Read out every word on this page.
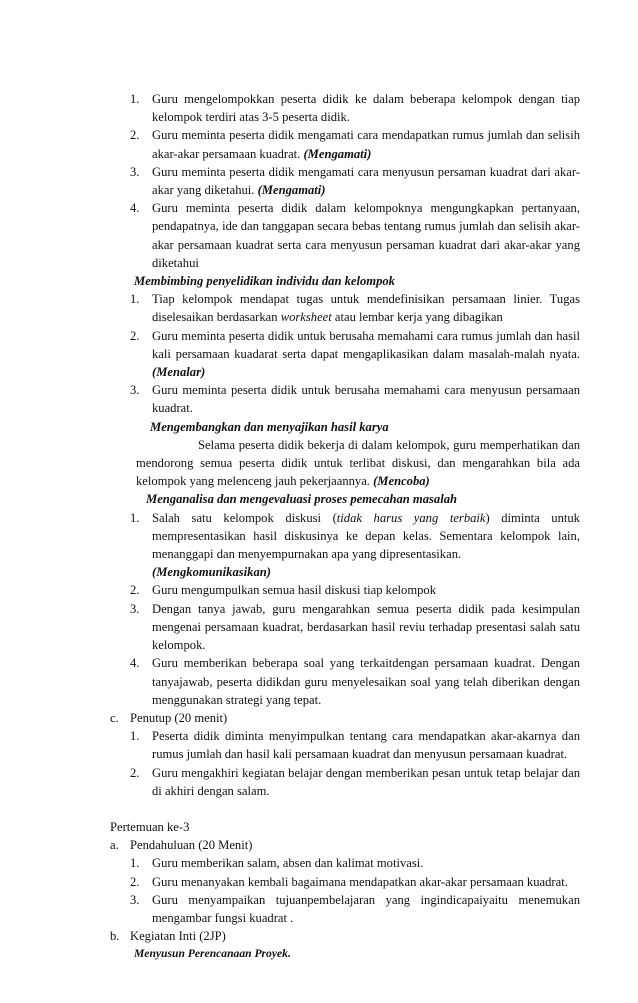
1. Guru mengelompokkan peserta didik ke dalam beberapa kelompok dengan tiap kelompok terdiri atas 3-5 peserta didik.

2. Guru meminta peserta didik mengamati cara mendapatkan rumus jumlah dan selisih akar-akar persamaan kuadrat. (Mengamati)

3. Guru meminta peserta didik mengamati cara menyusun persaman kuadrat dari akar-akar yang diketahui. (Mengamati)

4. Guru meminta peserta didik dalam kelompoknya mengungkapkan pertanyaan, pendapatnya, ide dan tanggapan secara bebas tentang rumus jumlah dan selisih akar-akar persamaan kuadrat serta cara menyusun persaman kuadrat dari akar-akar yang diketahui

Membimbing penyelidikan individu dan kelompok

1. Tiap kelompok mendapat tugas untuk mendefinisikan persamaan linier. Tugas diselesaikan berdasarkan worksheet atau lembar kerja yang dibagikan

2. Guru meminta peserta didik untuk berusaha memahami cara rumus jumlah dan hasil kali persamaan kuadarat serta dapat mengaplikasikan dalam masalah-malah nyata. (Menalar)

3. Guru meminta peserta didik untuk berusaha memahami cara menyusun persamaan kuadrat.

Mengembangkan dan menyajikan hasil karya

Selama peserta didik bekerja di dalam kelompok, guru memperhatikan dan mendorong semua peserta didik untuk terlibat diskusi, dan mengarahkan bila ada kelompok yang melenceng jauh pekerjaannya. (Mencoba)

Menganalisa dan mengevaluasi proses pemecahan masalah

1. Salah satu kelompok diskusi (tidak harus yang terbaik) diminta untuk mempresentasikan hasil diskusinya ke depan kelas. Sementara kelompok lain, menanggapi dan menyempurnakan apa yang dipresentasikan.
(Mengkomunikasikan)

2. Guru mengumpulkan semua hasil diskusi tiap kelompok

3. Dengan tanya jawab, guru mengarahkan semua peserta didik pada kesimpulan mengenai persamaan kuadrat, berdasarkan hasil reviu terhadap presentasi salah satu kelompok.

4. Guru memberikan beberapa soal yang terkaitdengan persamaan kuadrat. Dengan tanyajawab, peserta didikdan guru menyelesaikan soal yang telah diberikan dengan menggunakan strategi yang tepat.

c. Penutup (20 menit)

1. Peserta didik diminta menyimpulkan tentang cara mendapatkan akar-akarnya dan rumus jumlah dan hasil kali persamaan kuadrat dan menyusun persamaan kuadrat.

2. Guru mengakhiri kegiatan belajar dengan memberikan pesan untuk tetap belajar dan di akhiri dengan salam.

Pertemuan ke-3

a. Pendahuluan (20 Menit)

1. Guru memberikan salam, absen dan kalimat motivasi.

2. Guru menanyakan kembali bagaimana mendapatkan akar-akar persamaan kuadrat.

3. Guru menyampaikan tujuanpembelajaran yang ingindicapaiyaitu menemukan mengambar fungsi kuadrat .

b. Kegiatan Inti (2JP)

Menyusun Perencanaan Proyek.
